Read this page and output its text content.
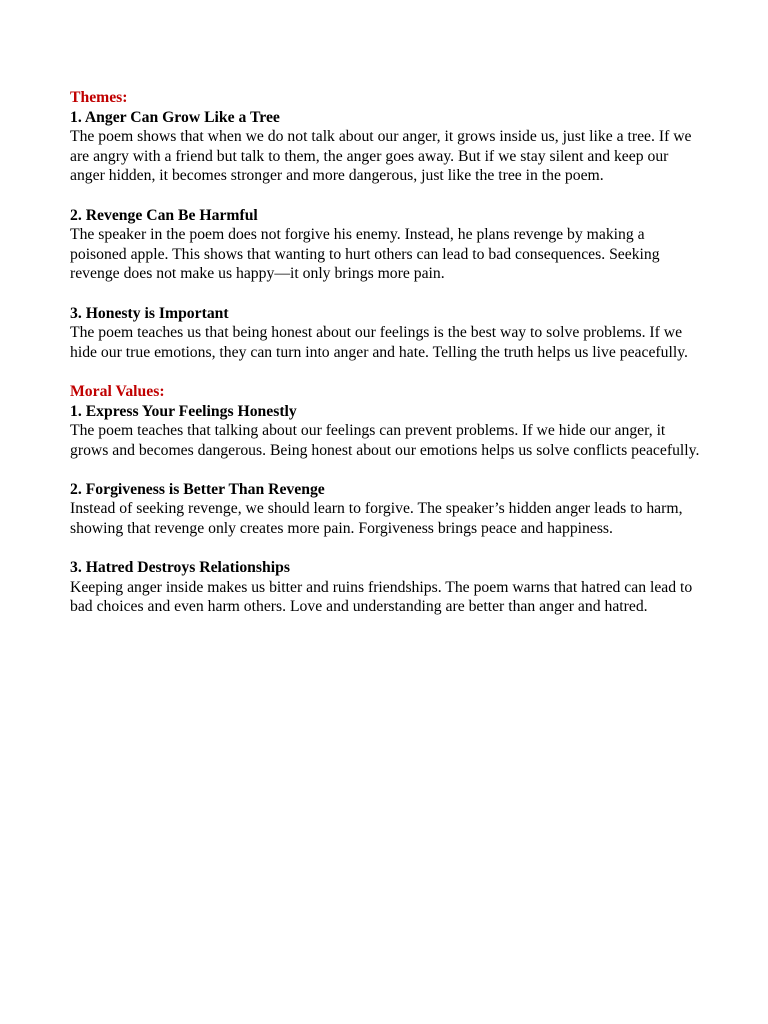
Themes:

1. Anger Can Grow Like a Tree

The poem shows that when we do not talk about our anger, it grows inside us, just like a tree. If we are angry with a friend but talk to them, the anger goes away. But if we stay silent and keep our anger hidden, it becomes stronger and more dangerous, just like the tree in the poem.

2. Revenge Can Be Harmful

The speaker in the poem does not forgive his enemy. Instead, he plans revenge by making a poisoned apple. This shows that wanting to hurt others can lead to bad consequences. Seeking revenge does not make us happy—it only brings more pain.

3. Honesty is Important

The poem teaches us that being honest about our feelings is the best way to solve problems. If we hide our true emotions, they can turn into anger and hate. Telling the truth helps us live peacefully.

Moral Values:

1. Express Your Feelings Honestly

The poem teaches that talking about our feelings can prevent problems. If we hide our anger, it grows and becomes dangerous. Being honest about our emotions helps us solve conflicts peacefully.

2. Forgiveness is Better Than Revenge

Instead of seeking revenge, we should learn to forgive. The speaker’s hidden anger leads to harm, showing that revenge only creates more pain. Forgiveness brings peace and happiness.

3. Hatred Destroys Relationships

Keeping anger inside makes us bitter and ruins friendships. The poem warns that hatred can lead to bad choices and even harm others. Love and understanding are better than anger and hatred.
